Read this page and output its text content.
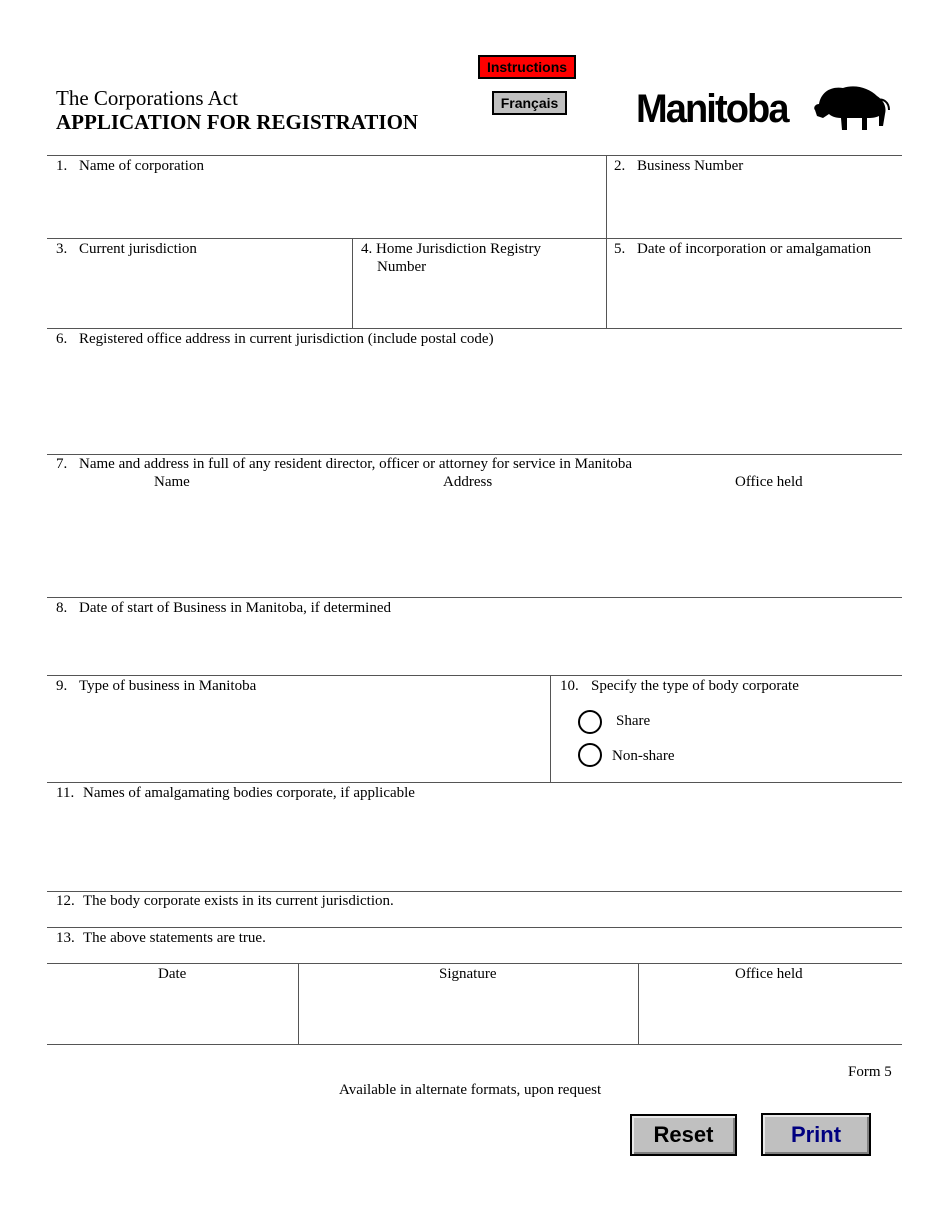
The Corporations Act
APPLICATION FOR REGISTRATION
Instructions
Français Manitoba
1. Name of corporation	2. Business Number
3. Current jurisdiction	4. Home Jurisdiction Registry
Number
5. Date of incorporation or amalgamation
6. Registered office address in current jurisdiction (include postal code)
7. Name and address in full of any resident director, officer or attorney for service in Manitoba
Name	Address	Office held
8. Date of start of Business in Manitoba, if determined
9. Type of business in Manitoba	10. Specify the type of body corporate
Share
Non-share
11. Names of amalgamating bodies corporate, if applicable
12. The body corporate exists in its current jurisdiction.
13. The above statements are true.
Date	Signature	Office held
Form 5
Available in alternate formats, upon request
Reset	Print
